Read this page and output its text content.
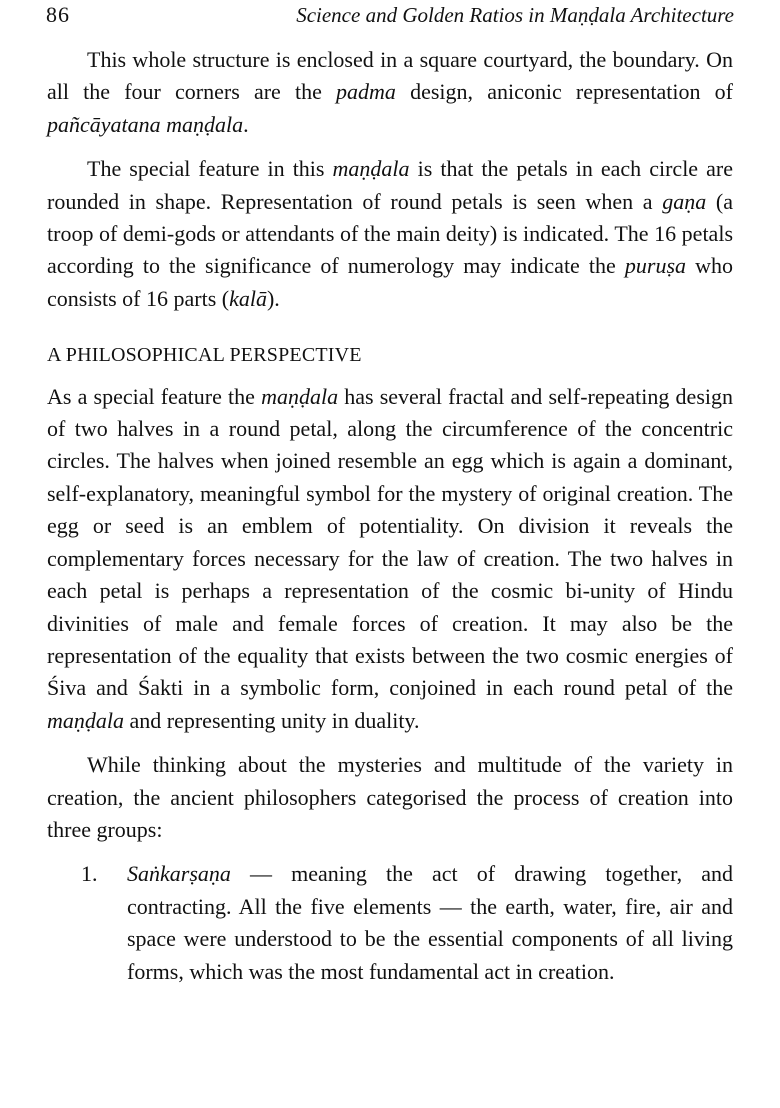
86	Science and Golden Ratios in Maṇḍala Architecture

This whole structure is enclosed in a square courtyard, the boundary. On all the four corners are the padma design, aniconic representation of pañcāyatana maṇḍala.

The special feature in this maṇḍala is that the petals in each circle are rounded in shape. Representation of round petals is seen when a gaṇa (a troop of demi-gods or attendants of the main deity) is indicated. The 16 petals according to the significance of numerology may indicate the puruṣa who consists of 16 parts (kalā).

A PHILOSOPHICAL PERSPECTIVE

As a special feature the maṇḍala has several fractal and self-repeating design of two halves in a round petal, along the circumference of the concentric circles. The halves when joined resemble an egg which is again a dominant, self-explanatory, meaningful symbol for the mystery of original creation. The egg or seed is an emblem of potentiality. On division it reveals the complementary forces necessary for the law of creation. The two halves in each petal is perhaps a representation of the cosmic bi-unity of Hindu divinities of male and female forces of creation. It may also be the representation of the equality that exists between the two cosmic energies of Śiva and Śakti in a symbolic form, conjoined in each round petal of the maṇḍala and representing unity in duality.

While thinking about the mysteries and multitude of the variety in creation, the ancient philosophers categorised the process of creation into three groups:

1.	Saṅkarṣaṇa — meaning the act of drawing together, and contracting. All the five elements — the earth, water, fire, air and space were understood to be the essential components of all living forms, which was the most fundamental act in creation.
